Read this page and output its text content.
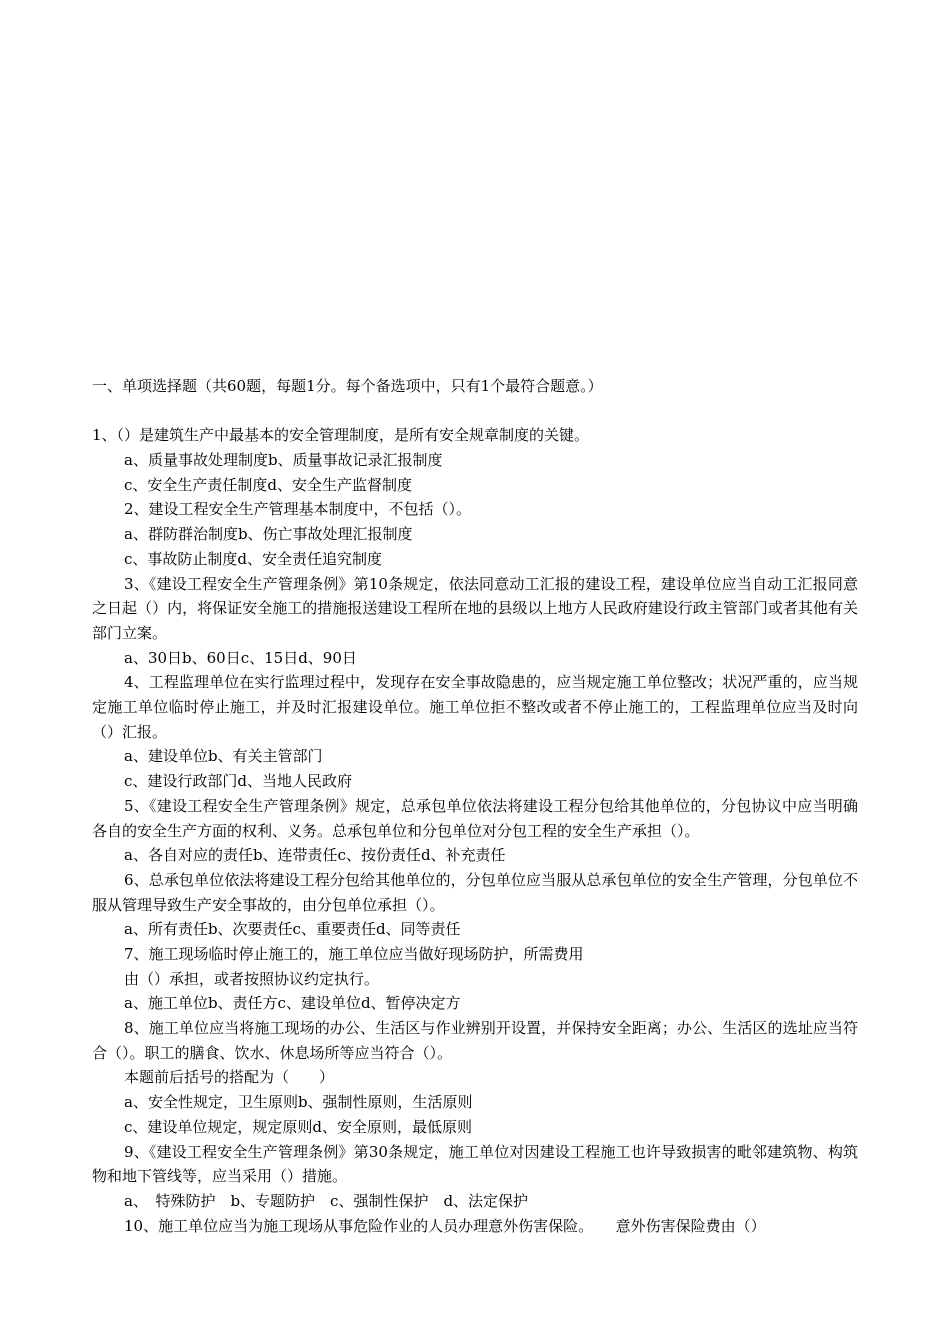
一、单项选择题（共60题，每题1分。每个备选项中，只有1个最符合题意。）
1、（）是建筑生产中最基本的安全管理制度，是所有安全规章制度的关键。
a、质量事故处理制度b、质量事故记录汇报制度
c、安全生产责任制度d、安全生产监督制度
2、建设工程安全生产管理基本制度中，不包括（）。
a、群防群治制度b、伤亡事故处理汇报制度
c、事故防止制度d、安全责任追究制度
3、《建设工程安全生产管理条例》第10条规定，依法同意动工汇报的建设工程，建设单位应当自动工汇报同意之日起（）内，将保证安全施工的措施报送建设工程所在地的县级以上地方人民政府建设行政主管部门或者其他有关部门立案。
a、30日b、60日c、15日d、90日
4、工程监理单位在实行监理过程中，发现存在安全事故隐患的，应当规定施工单位整改；状况严重的，应当规定施工单位临时停止施工，并及时汇报建设单位。施工单位拒不整改或者不停止施工的，工程监理单位应当及时向（）汇报。
a、建设单位b、有关主管部门
c、建设行政部门d、当地人民政府
5、《建设工程安全生产管理条例》规定，总承包单位依法将建设工程分包给其他单位的，分包协议中应当明确各自的安全生产方面的权利、义务。总承包单位和分包单位对分包工程的安全生产承担（）。
a、各自对应的责任b、连带责任c、按份责任d、补充责任
6、总承包单位依法将建设工程分包给其他单位的，分包单位应当服从总承包单位的安全生产管理，分包单位不服从管理导致生产安全事故的，由分包单位承担（）。
a、所有责任b、次要责任c、重要责任d、同等责任
7、施工现场临时停止施工的，施工单位应当做好现场防护，所需费用
由（）承担，或者按照协议约定执行。
a、施工单位b、责任方c、建设单位d、暂停决定方
8、施工单位应当将施工现场的办公、生活区与作业辨别开设置，并保持安全距离；办公、生活区的选址应当符合（）。职工的膳食、饮水、休息场所等应当符合（）。
本题前后括号的搭配为（　　）
a、安全性规定，卫生原则b、强制性原则，生活原则
c、建设单位规定，规定原则d、安全原则，最低原则
9、《建设工程安全生产管理条例》第30条规定，施工单位对因建设工程施工也许导致损害的毗邻建筑物、构筑物和地下管线等，应当采用（）措施。
a、　特殊防护　b、专题防护　c、强制性保护　d、法定保护
10、施工单位应当为施工现场从事危险作业的人员办理意外伤害保险。　　意外伤害保险费由（）
